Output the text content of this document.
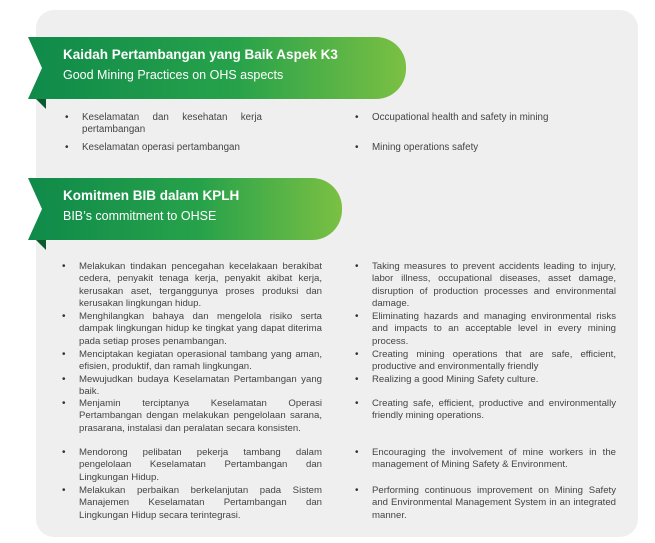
Kaidah Pertambangan yang Baik Aspek K3
Good Mining Practices on OHS aspects
• Keselamatan dan kesehatan kerja pertambangan
• Keselamatan operasi pertambangan
• Occupational health and safety in mining
• Mining operations safety
Komitmen BIB dalam KPLH
BIB’s commitment to OHSE
• Melakukan tindakan pencegahan kecelakaan berakibat cedera, penyakit tenaga kerja, penyakit akibat kerja, kerusakan aset, terganggunya proses produksi dan kerusakan lingkungan hidup.
• Menghilangkan bahaya dan mengelola risiko serta dampak lingkungan hidup ke tingkat yang dapat diterima pada setiap proses penambangan.
• Menciptakan kegiatan operasional tambang yang aman, efisien, produktif, dan ramah lingkungan.
• Mewujudkan budaya Keselamatan Pertambangan yang baik.
• Menjamin terciptanya Keselamatan Operasi Pertambangan dengan melakukan pengelolaan sarana, prasarana, instalasi dan peralatan secara konsisten.
• Mendorong pelibatan pekerja tambang dalam pengelolaan Keselamatan Pertambangan dan Lingkungan Hidup.
• Melakukan perbaikan berkelanjutan pada Sistem Manajemen Keselamatan Pertambangan dan Lingkungan Hidup secara terintegrasi.
• Taking measures to prevent accidents leading to injury, labor illness, occupational diseases, asset damage, disruption of production processes and environmental damage.
• Eliminating hazards and managing environmental risks and impacts to an acceptable level in every mining process.
• Creating mining operations that are safe, efficient, productive and environmentally friendly
• Realizing a good Mining Safety culture.
• Creating safe, efficient, productive and environmentally friendly mining operations.
• Encouraging the involvement of mine workers in the management of Mining Safety & Environment.
• Performing continuous improvement on Mining Safety and Environmental Management System in an integrated manner.
